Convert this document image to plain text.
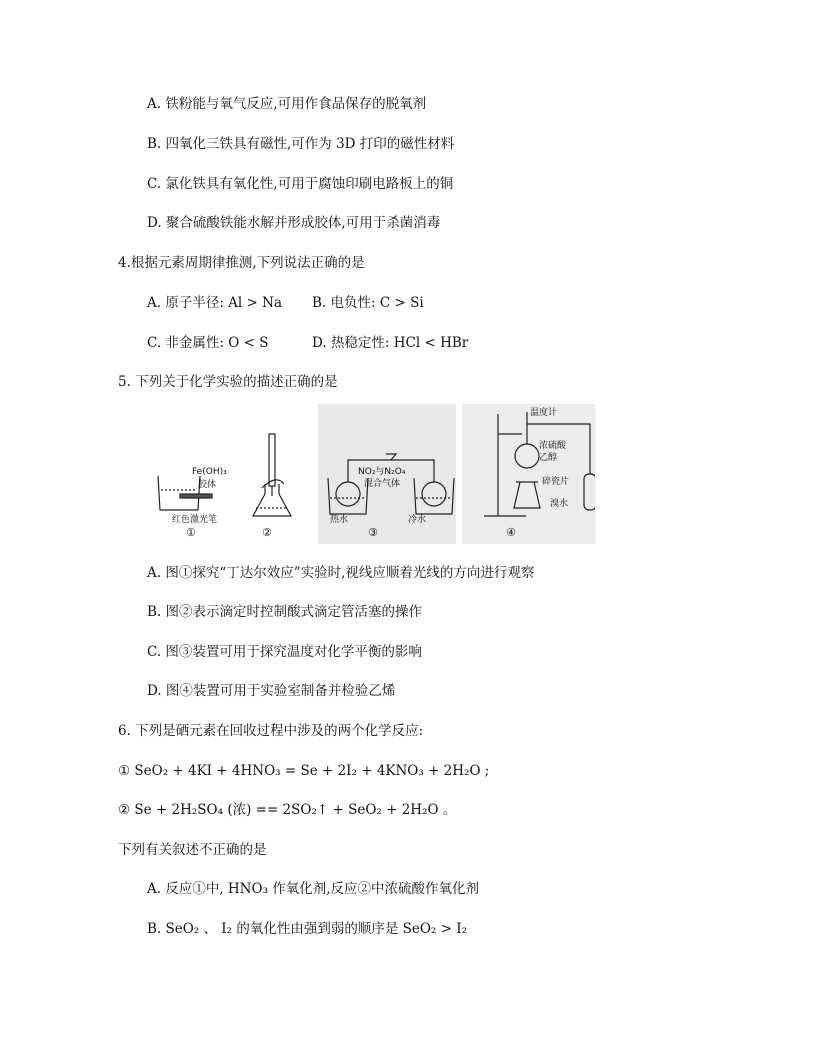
A. 铁粉能与氧气反应,可用作食品保存的脱氧剂
B. 四氧化三铁具有磁性,可作为 3D 打印的磁性材料
C. 氯化铁具有氧化性,可用于腐蚀印刷电路板上的铜
D. 聚合硫酸铁能水解并形成胶体,可用于杀菌消毒
4.根据元素周期律推测,下列说法正确的是
A. 原子半径: Al > Na B. 电负性: C > Si
C. 非金属性: O < S	D. 热稳定性: HCl < HBr
5. 下列关于化学实验的描述正确的是
Fe(OH)₃
胶体
红色激光笔
NO₂与N₂O₄
混合气体
热水	冷水
温度计
浓硫酸
乙醇
碎瓷片
溴水
①	②	③	④
A. 图①探究“丁达尔效应”实验时,视线应顺着光线的方向进行观察
B. 图②表示滴定时控制酸式滴定管活塞的操作
C. 图③装置可用于探究温度对化学平衡的影响
D. 图④装置可用于实验室制备并检验乙烯
6. 下列是硒元素在回收过程中涉及的两个化学反应:
① SeO₂ + 4KI + 4HNO₃ = Se + 2I₂ + 4KNO₃ + 2H₂O ;
② Se + 2H₂SO₄ (浓) == 2SO₂↑ + SeO₂ + 2H₂O 。
下列有关叙述不正确的是
A. 反应①中, HNO₃ 作氧化剂,反应②中浓硫酸作氧化剂
B. SeO₂ 、 I₂ 的氧化性由强到弱的顺序是 SeO₂ > I₂
